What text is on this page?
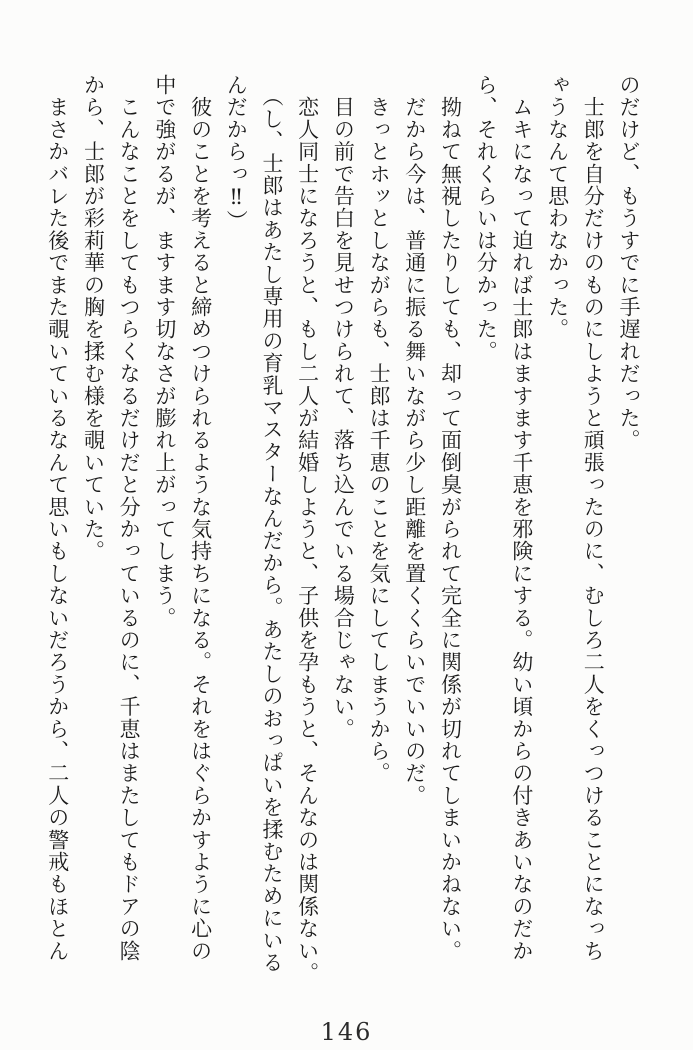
のだけど、もうすでに手遅れだった。
　士郎を自分だけのものにしようと頑張ったのに、むしろ二人をくっつけることになっち
ゃうなんて思わなかった。
　ムキになって迫れば士郎はますます千恵を邪険にする。幼い頃からの付きあいなのだか
ら、それくらいは分かった。
　拗ねて無視したりしても、却って面倒臭がられて完全に関係が切れてしまいかねない。
　だから今は、普通に振る舞いながら少し距離を置くくらいでいいのだ。
　きっとホッとしながらも、士郎は千恵のことを気にしてしまうから。
　目の前で告白を見せつけられて、落ち込んでいる場合じゃない。
　恋人同士になろうと、もし二人が結婚しようと、子供を孕もうと、そんなのは関係ない。
　（し、士郎はあたし専用の育乳マスターなんだから。あたしのおっぱいを揉むためにいる
んだからっ‼）
　彼のことを考えると締めつけられるような気持ちになる。それをはぐらかすように心の
中で強がるが、ますます切なさが膨れ上がってしまう。
　こんなことをしてもつらくなるだけだと分かっているのに、千恵はまたしてもドアの陰
から、士郎が彩莉華の胸を揉む様を覗いていた。
　まさかバレた後でまた覗いているなんて思いもしないだろうから、二人の警戒もほとん
146
